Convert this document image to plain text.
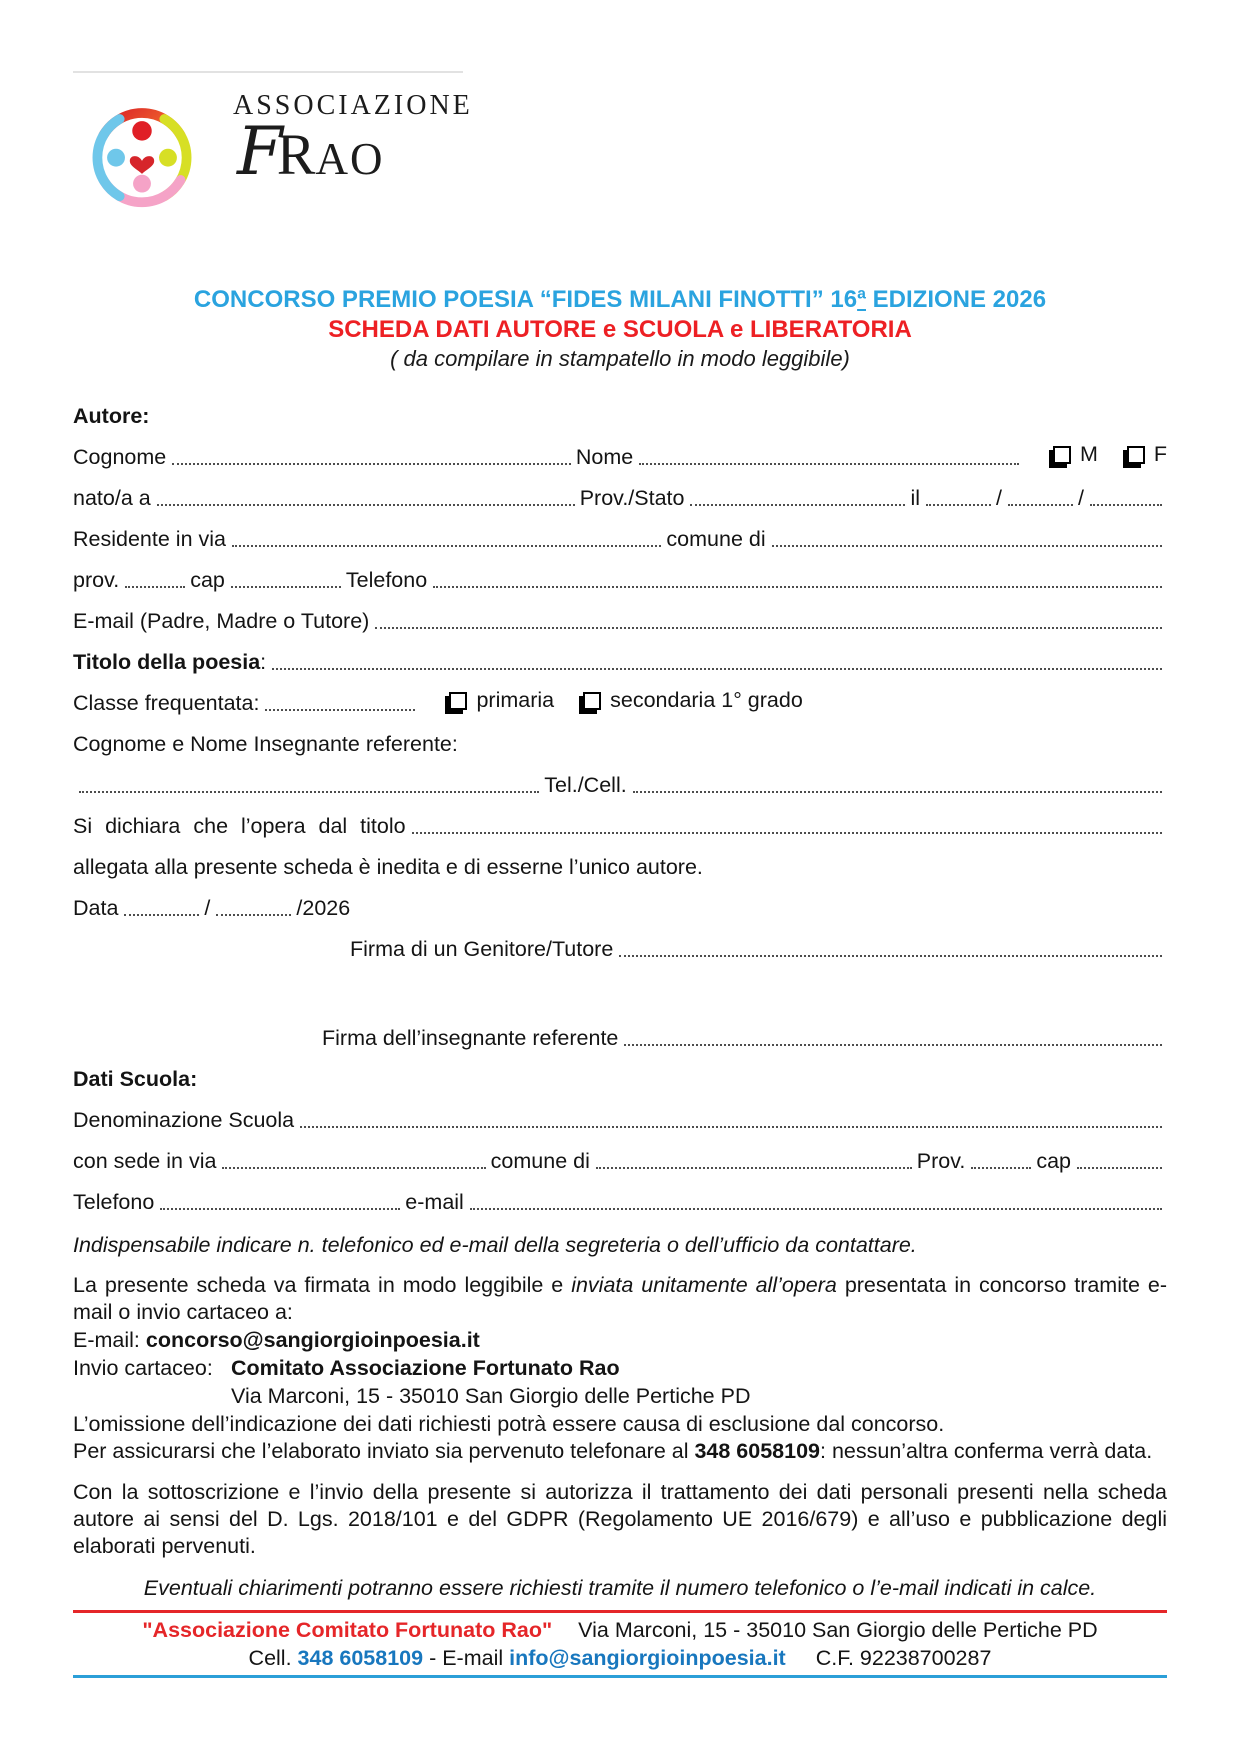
ASSOCIAZIONE
FRAO
CONCORSO PREMIO POESIA “FIDES MILANI FINOTTI” 16ª EDIZIONE 2026
SCHEDA DATI AUTORE e SCUOLA e LIBERATORIA
( da compilare in stampatello in modo leggibile)
Autore:
Cognome	Nome	M	F
nato/a a	Prov./Stato	il	/	/
Residente in via	comune di
prov.	cap	Telefono
E-mail (Padre, Madre o Tutore)
Titolo della poesia :
Classe frequentata:	primaria	secondaria 1° grado
Cognome e Nome Insegnante referente:
Tel./Cell.
Si dichiara che l’opera dal titolo
allegata alla presente scheda è inedita e di esserne l’unico autore.
Data	/	/2026
Firma di un Genitore/Tutore
Firma dell’insegnante referente
Dati Scuola:
Denominazione Scuola
con sede in via	comune di	Prov.	cap
Telefono	e-mail

Indispensabile indicare n. telefonico ed e-mail della segreteria o dell’ufficio da contattare.

La presente scheda va firmata in modo leggibile e inviata unitamente all’opera presentata in concorso tramite e-mail o invio cartaceo a:

E-mail: concorso@sangiorgioinpoesia.it
Invio cartaceo: Comitato Associazione Fortunato Rao
Via Marconi, 15 - 35010 San Giorgio delle Pertiche PD
L’omissione dell’indicazione dei dati richiesti potrà essere causa di esclusione dal concorso.

Per assicurarsi che l’elaborato inviato sia pervenuto telefonare al 348 6058109: nessun’altra conferma verrà data.

Con la sottoscrizione e l’invio della presente si autorizza il trattamento dei dati personali presenti nella scheda autore ai sensi del D. Lgs. 2018/101 e del GDPR (Regolamento UE 2016/679) e all’uso e pubblicazione degli elaborati pervenuti.

Eventuali chiarimenti potranno essere richiesti tramite il numero telefonico o l’e-mail indicati in calce.

"Associazione Comitato Fortunato Rao" Via Marconi, 15 - 35010 San Giorgio delle Pertiche PD
Cell. 348 6058109 - E-mail info@sangiorgioinpoesia.it C.F. 92238700287
